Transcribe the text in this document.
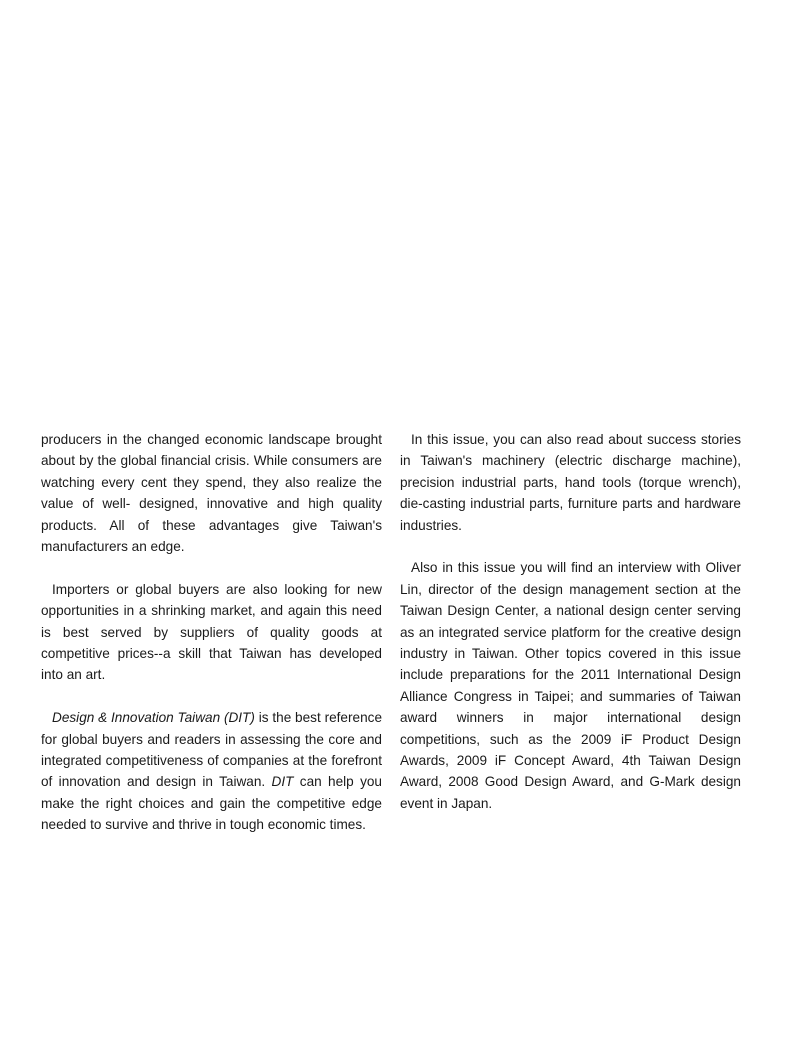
producers in the changed economic landscape brought about by the global financial crisis. While consumers are watching every cent they spend, they also realize the value of well- designed, innovative and high quality products. All of these advantages give Taiwan's manufacturers an edge.

Importers or global buyers are also looking for new opportunities in a shrinking market, and again this need is best served by suppliers of quality goods at competitive prices--a skill that Taiwan has developed into an art.

Design & Innovation Taiwan (DIT) is the best reference for global buyers and readers in assessing the core and integrated competitiveness of companies at the forefront of innovation and design in Taiwan. DIT can help you make the right choices and gain the competitive edge needed to survive and thrive in tough economic times.

In this issue, you can also read about success stories in Taiwan's machinery (electric discharge machine), precision industrial parts, hand tools (torque wrench), die-casting industrial parts, furniture parts and hardware industries.

Also in this issue you will find an interview with Oliver Lin, director of the design management section at the Taiwan Design Center, a national design center serving as an integrated service platform for the creative design industry in Taiwan. Other topics covered in this issue include preparations for the 2011 International Design Alliance Congress in Taipei; and summaries of Taiwan award winners in major international design competitions, such as the 2009 iF Product Design Awards, 2009 iF Concept Award, 4th Taiwan Design Award, 2008 Good Design Award, and G-Mark design event in Japan.
